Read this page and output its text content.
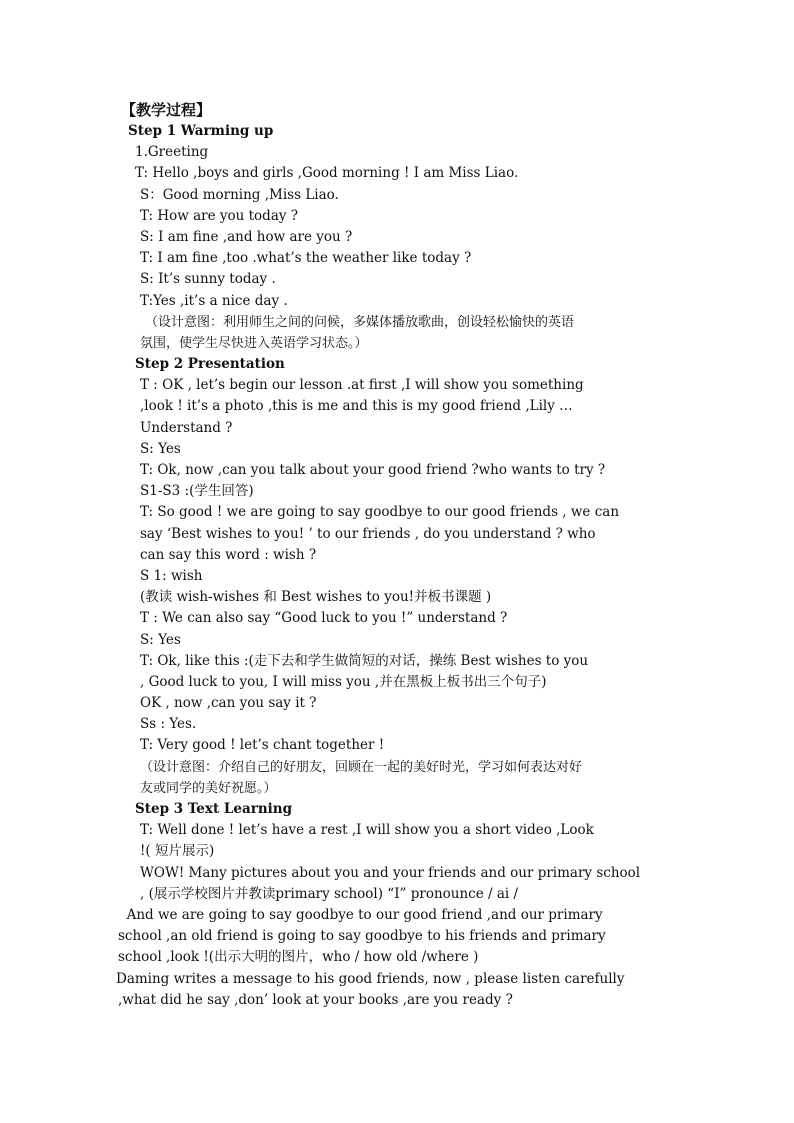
【教学过程】
Step 1 Warming up
1.Greeting
T: Hello ,boys and girls ,Good morning ! I am Miss Liao.
S：Good morning ,Miss Liao.
T: How are you today ?
S: I am fine ,and how are you ?
T: I am fine ,too .what’s the weather like today ?
S: It’s sunny today .
T:Yes ,it’s a nice day .
（设计意图：利用师生之间的问候，多媒体播放歌曲，创设轻松愉快的英语
氛围，使学生尽快进入英语学习状态。）
Step 2 Presentation
T : OK , let’s begin our lesson .at first ,I will show you something
,look ! it’s a photo ,this is me and this is my good friend ,Lily …
Understand ?
S: Yes
T: Ok, now ,can you talk about your good friend ?who wants to try ?
S1-S3 :(学生回答)
T: So good ! we are going to say goodbye to our good friends , we can
say ‘Best wishes to you! ’ to our friends , do you understand ? who
can say this word : wish ?
S 1: wish
(教读 wish-wishes 和 Best wishes to you!并板书课题 )
T : We can also say “Good luck to you !” understand ?
S: Yes
T: Ok, like this :(走下去和学生做简短的对话，操练 Best wishes to you
, Good luck to you, I will miss you ,并在黑板上板书出三个句子)
OK , now ,can you say it ?
Ss : Yes.
T: Very good ! let’s chant together !
（设计意图：介绍自己的好朋友，回顾在一起的美好时光，学习如何表达对好
友或同学的美好祝愿。）
Step 3 Text Learning
T: Well done ! let’s have a rest ,I will show you a short video ,Look
!( 短片展示)
WOW! Many pictures about you and your friends and our primary school
, (展示学校图片并教读primary school) “I” pronounce / ai /
And we are going to say goodbye to our good friend ,and our primary
school ,an old friend is going to say goodbye to his friends and primary
school ,look !(出示大明的图片，who / how old /where )
Daming writes a message to his good friends, now , please listen carefully
,what did he say ,don’ look at your books ,are you ready ?
